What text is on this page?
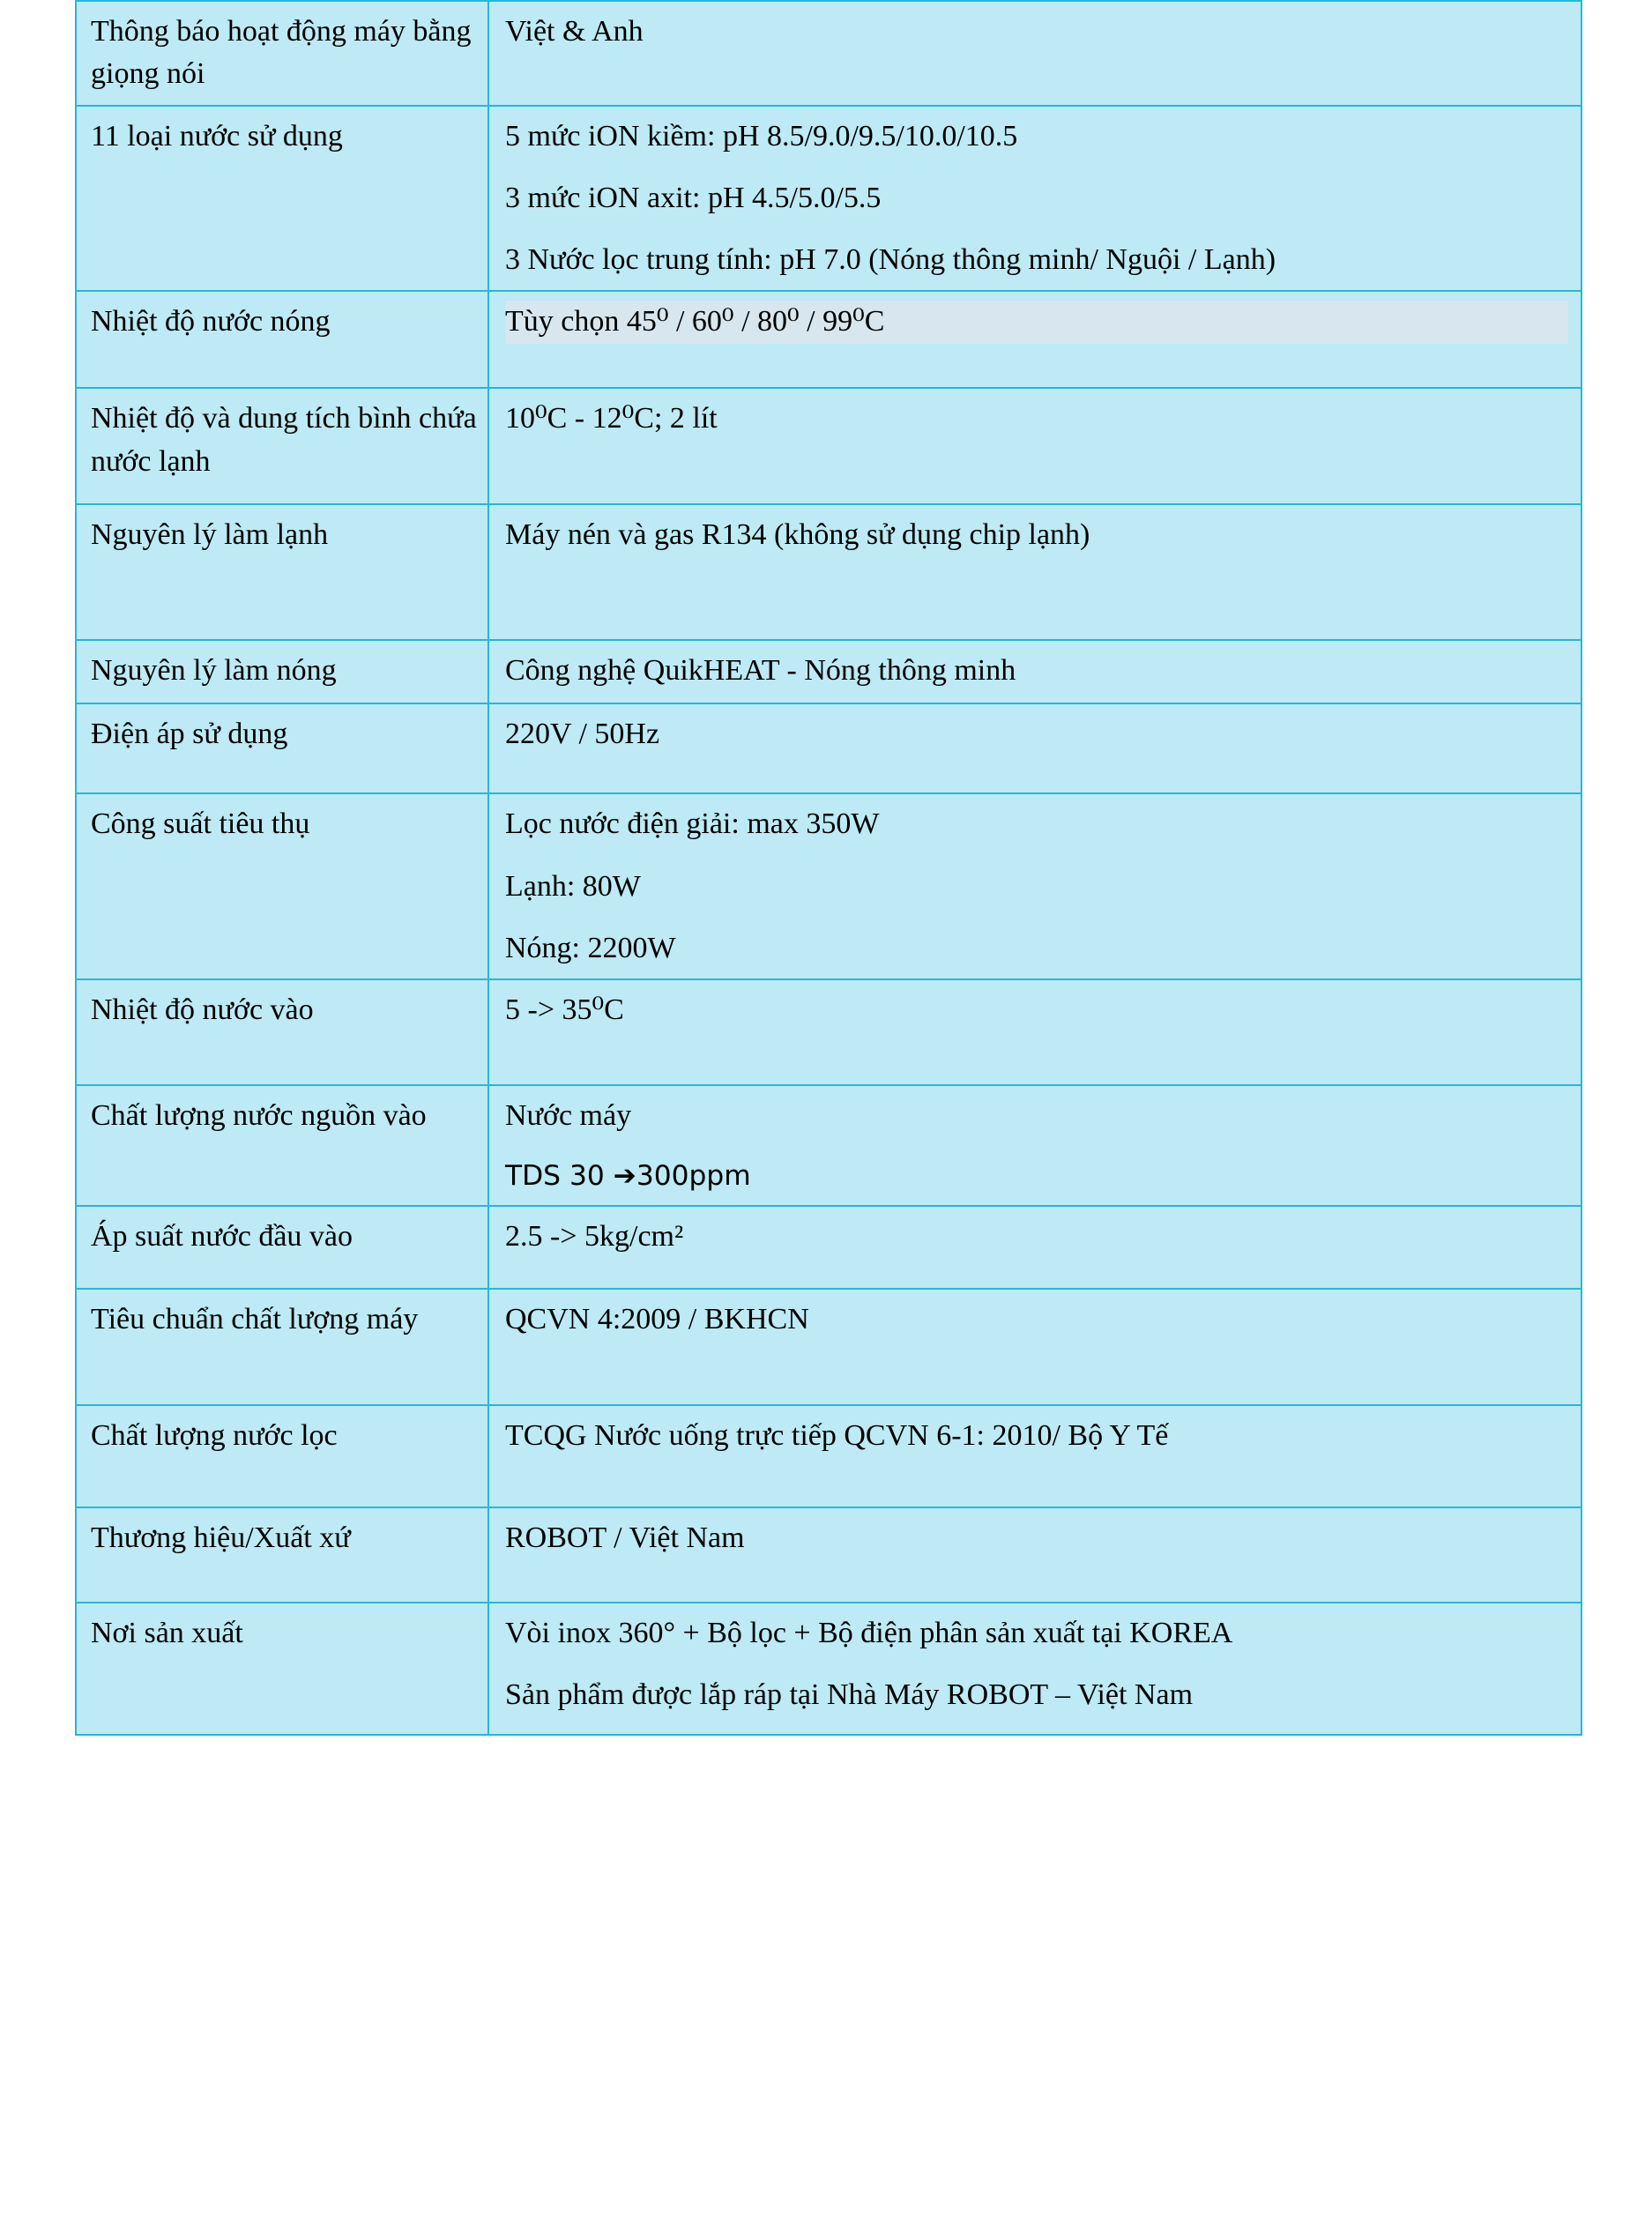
Thông báo hoạt động máy bằng giọng nói	Việt & Anh

11 loại nước sử dụng	5 mức iON kiềm: pH 8.5/9.0/9.5/10.0/10.5
3 mức iON axit: pH 4.5/5.0/5.5
3 Nước lọc trung tính: pH 7.0 (Nóng thông minh/ Nguội / Lạnh)

Nhiệt độ nước nóng	Tùy chọn 45⁰ / 60⁰ / 80⁰ / 99⁰C

Nhiệt độ và dung tích bình chứa nước lạnh	10⁰C - 12⁰C; 2 lít

Nguyên lý làm lạnh	Máy nén và gas R134 (không sử dụng chip lạnh)

Nguyên lý làm nóng	Công nghệ QuikHEAT - Nóng thông minh

Điện áp sử dụng	220V / 50Hz

Công suất tiêu thụ	Lọc nước điện giải: max 350W
Lạnh: 80W
Nóng: 2200W

Nhiệt độ nước vào	5 -> 35⁰C

Chất lượng nước nguồn vào	Nước máy
TDS 30 ➔300ppm

Áp suất nước đầu vào	2.5 -> 5kg/cm²

Tiêu chuẩn chất lượng máy	QCVN 4:2009 / BKHCN

Chất lượng nước lọc	TCQG Nước uống trực tiếp QCVN 6-1: 2010/ Bộ Y Tế

Thương hiệu/Xuất xứ	ROBOT / Việt Nam

Nơi sản xuất	Vòi inox 360° + Bộ lọc + Bộ điện phân sản xuất tại KOREA
Sản phẩm được lắp ráp tại Nhà Máy ROBOT – Việt Nam
